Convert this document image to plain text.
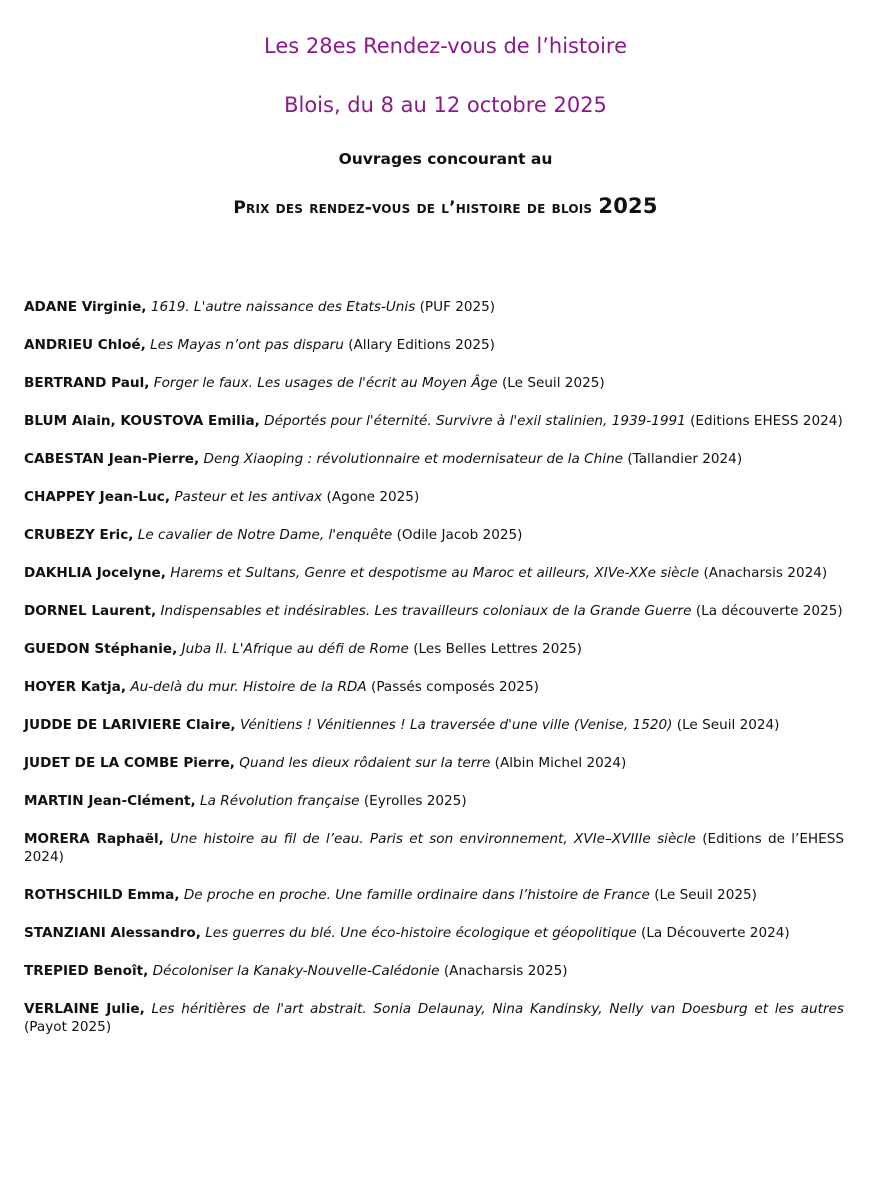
Les 28es Rendez-vous de l’histoire
Blois, du 8 au 12 octobre 2025
Ouvrages concourant au
Prix des rendez-vous de l’histoire de blois 2025

ADANE Virginie, 1619. L'autre naissance des Etats-Unis (PUF 2025)

ANDRIEU Chloé, Les Mayas n’ont pas disparu (Allary Editions 2025)

BERTRAND Paul, Forger le faux. Les usages de l'écrit au Moyen Âge (Le Seuil 2025)

BLUM Alain, KOUSTOVA Emilia, Déportés pour l'éternité. Survivre à l'exil stalinien, 1939-1991 (Editions EHESS 2024)

CABESTAN Jean-Pierre, Deng Xiaoping : révolutionnaire et modernisateur de la Chine (Tallandier 2024)

CHAPPEY Jean-Luc, Pasteur et les antivax (Agone 2025)

CRUBEZY Eric, Le cavalier de Notre Dame, l'enquête (Odile Jacob 2025)

DAKHLIA Jocelyne, Harems et Sultans, Genre et despotisme au Maroc et ailleurs, XIVe-XXe siècle (Anacharsis 2024)

DORNEL Laurent, Indispensables et indésirables. Les travailleurs coloniaux de la Grande Guerre (La découverte 2025)

GUEDON Stéphanie, Juba II. L'Afrique au défi de Rome (Les Belles Lettres 2025)

HOYER Katja, Au-delà du mur. Histoire de la RDA (Passés composés 2025)

JUDDE DE LARIVIERE Claire, Vénitiens ! Vénitiennes ! La traversée d'une ville (Venise, 1520) (Le Seuil 2024)

JUDET DE LA COMBE Pierre, Quand les dieux rôdaient sur la terre (Albin Michel 2024)

MARTIN Jean-Clément, La Révolution française (Eyrolles 2025)

MORERA Raphaël, Une histoire au fil de l’eau. Paris et son environnement, XVIe–XVIIIe siècle (Editions de l’EHESS 2024)

ROTHSCHILD Emma, De proche en proche. Une famille ordinaire dans l’histoire de France (Le Seuil 2025)

STANZIANI Alessandro, Les guerres du blé. Une éco-histoire écologique et géopolitique (La Découverte 2024)

TREPIED Benoît, Décoloniser la Kanaky-Nouvelle-Calédonie (Anacharsis 2025)

VERLAINE Julie, Les héritières de l'art abstrait. Sonia Delaunay, Nina Kandinsky, Nelly van Doesburg et les autres (Payot 2025)
